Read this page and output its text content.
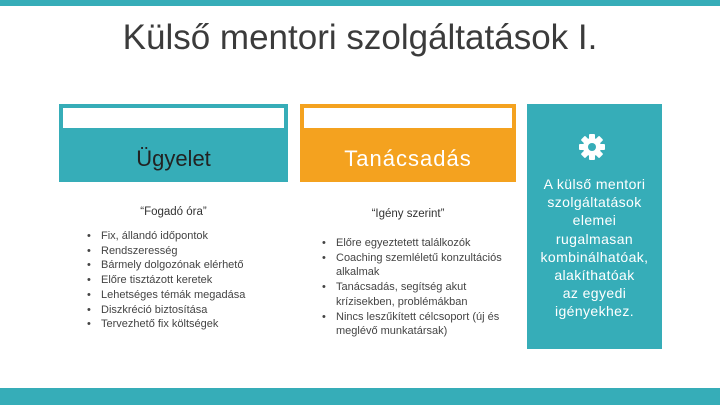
Külső mentori szolgáltatások I.
Ügyelet
“Fogadó óra”
• Fix, állandó időpontok
• Rendszeresség
• Bármely dolgozónak elérhető
• Előre tisztázott keretek
• Lehetséges témák megadása
• Diszkréció biztosítása
• Tervezhető fix költségek
Tanácsadás
“Igény szerint”
• Előre egyeztetett találkozók
• Coaching szemléletű konzultációs alkalmak
• Tanácsadás, segítség akut krízisekben, problémákban
• Nincs leszűkített célcsoport (új és meglévő munkatársak)
A külső mentori
szolgáltatások
elemei
rugalmasan
kombinálhatóak,
alakíthatóak
az egyedi
igényekhez.
